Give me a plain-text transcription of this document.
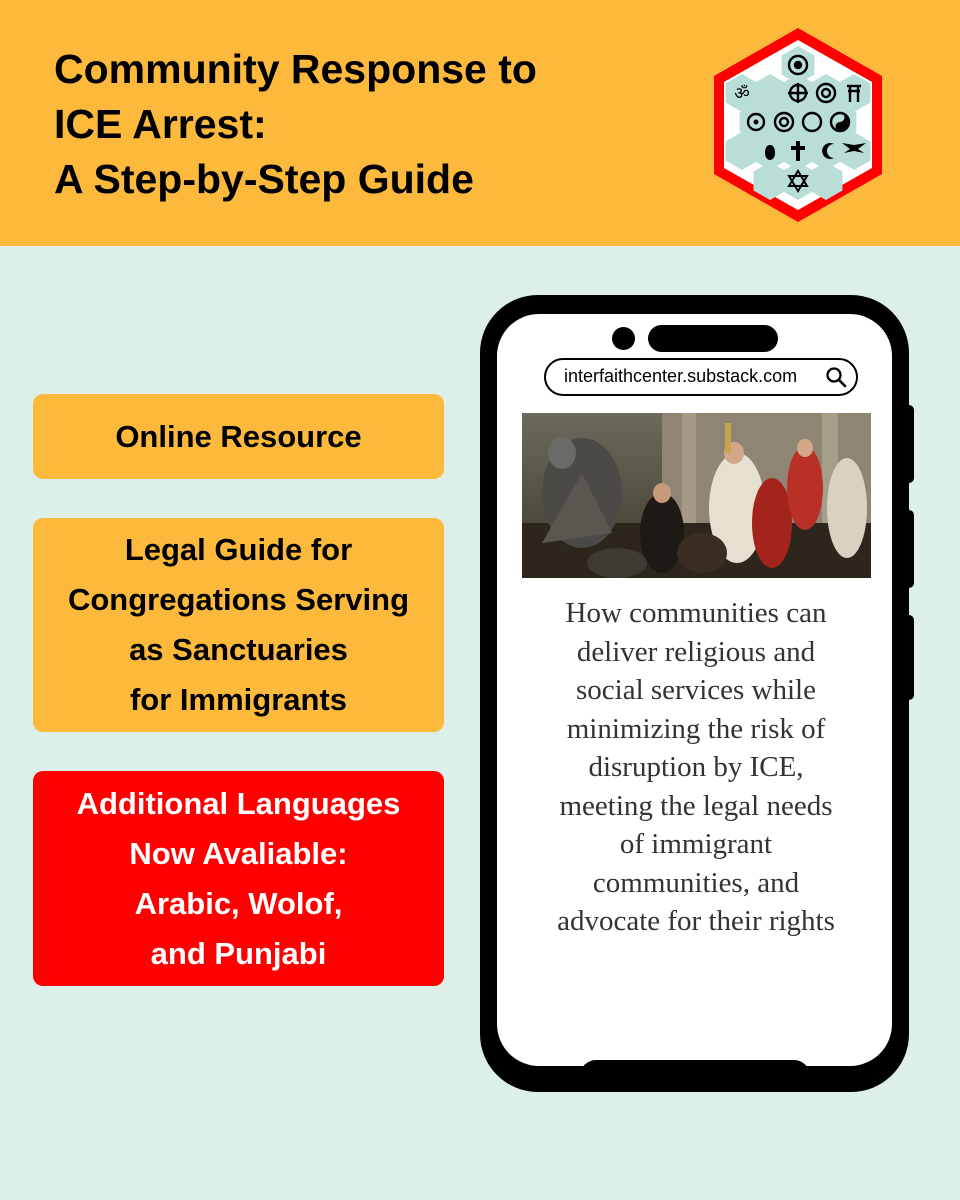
Community Response to
ICE Arrest:
A Step-by-Step Guide
ॐ
Online Resource
Legal Guide for
Congregations Serving
as Sanctuaries
for Immigrants
Additional Languages
Now Avaliable:
Arabic, Wolof,
and Punjabi
interfaithcenter.substack.com
How communities can
deliver religious and
social services while
minimizing the risk of
disruption by ICE,
meeting the legal needs
of immigrant
communities, and
advocate for their rights
